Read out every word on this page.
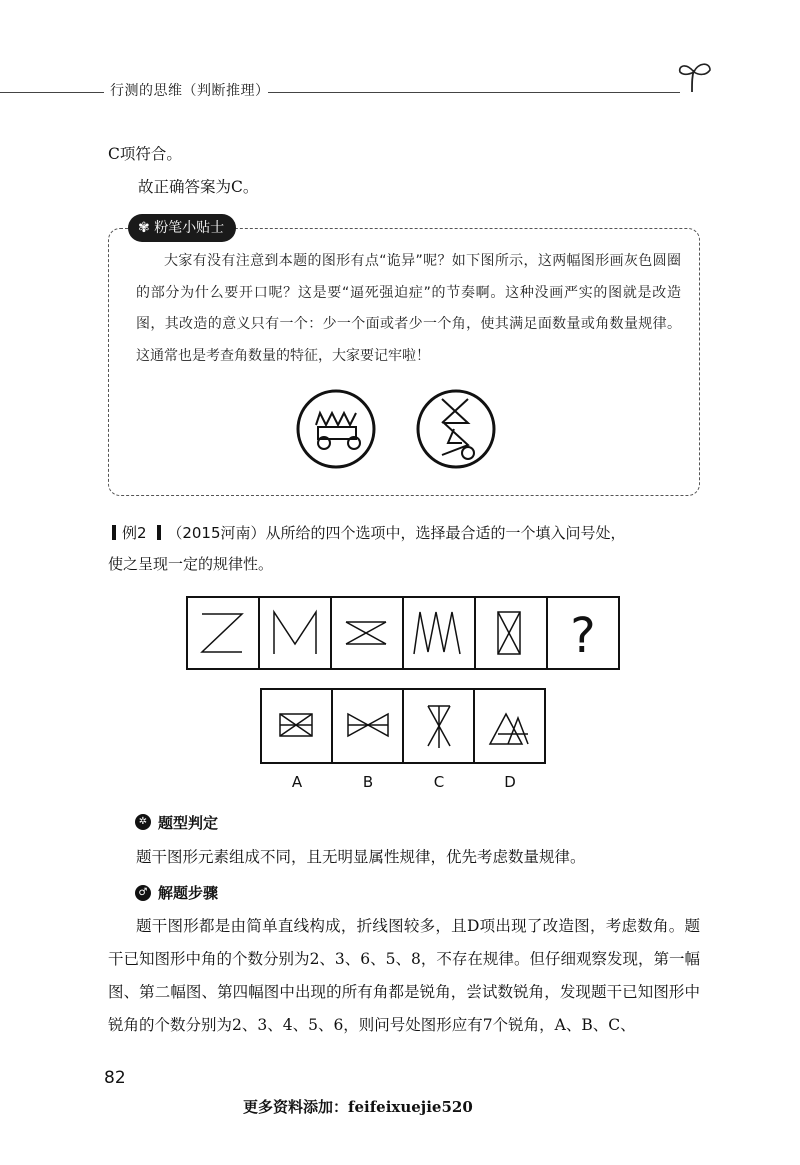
行测的思维（判断推理）
C项符合。
故正确答案为C。
✾ 粉笔小贴士
大家有没有注意到本题的图形有点“诡异”呢？如下图所示，这两幅图形画灰色圆圈的部分为什么要开口呢？这是要“逼死强迫症”的节奏啊。这种没画严实的图就是改造图，其改造的意义只有一个：少一个面或者少一个角，使其满足面数量或角数量规律。这通常也是考查角数量的特征，大家要记牢啦！
例2 （2015河南）从所给的四个选项中，选择最合适的一个填入问号处，
使之呈现一定的规律性。
?
A	B	C	D
✲ 题型判定
题干图形元素组成不同，且无明显属性规律，优先考虑数量规律。
♂ 解题步骤
题干图形都是由简单直线构成，折线图较多，且D项出现了改造图，考虑数角。题干已知图形中角的个数分别为2、3、6、5、8，不存在规律。但仔细观察发现，第一幅图、第二幅图、第四幅图中出现的所有角都是锐角，尝试数锐角，发现题干已知图形中锐角的个数分别为2、3、4、5、6，则问号处图形应有7个锐角，A、B、C、
82
更多资料添加：feifeixuejie520
